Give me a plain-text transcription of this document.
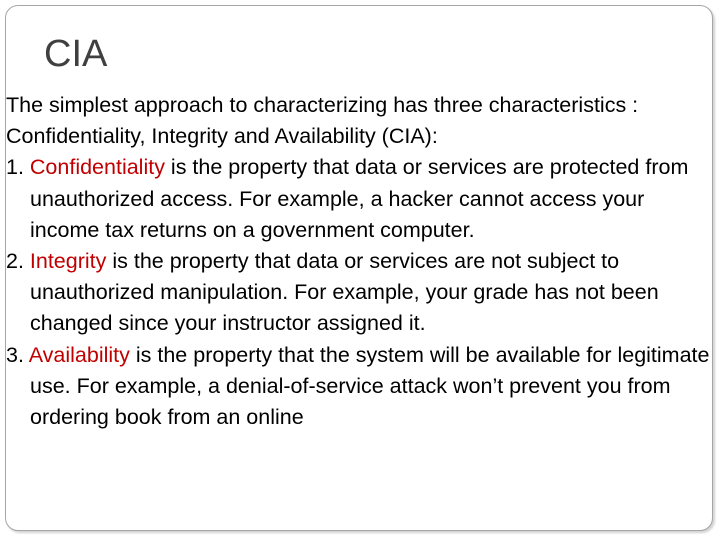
CIA

The simplest approach to characterizing has three characteristics :

Confidentiality, Integrity and Availability (CIA):

1. Confidentiality is the property that data or services are protected from unauthorized access. For example, a hacker cannot access your income tax returns on a government computer.

2. Integrity is the property that data or services are not subject to unauthorized manipulation. For example, your grade has not been changed since your instructor assigned it.

3. Availability is the property that the system will be available for legitimate use. For example, a denial-of-service attack won’t prevent you from ordering book from an online
